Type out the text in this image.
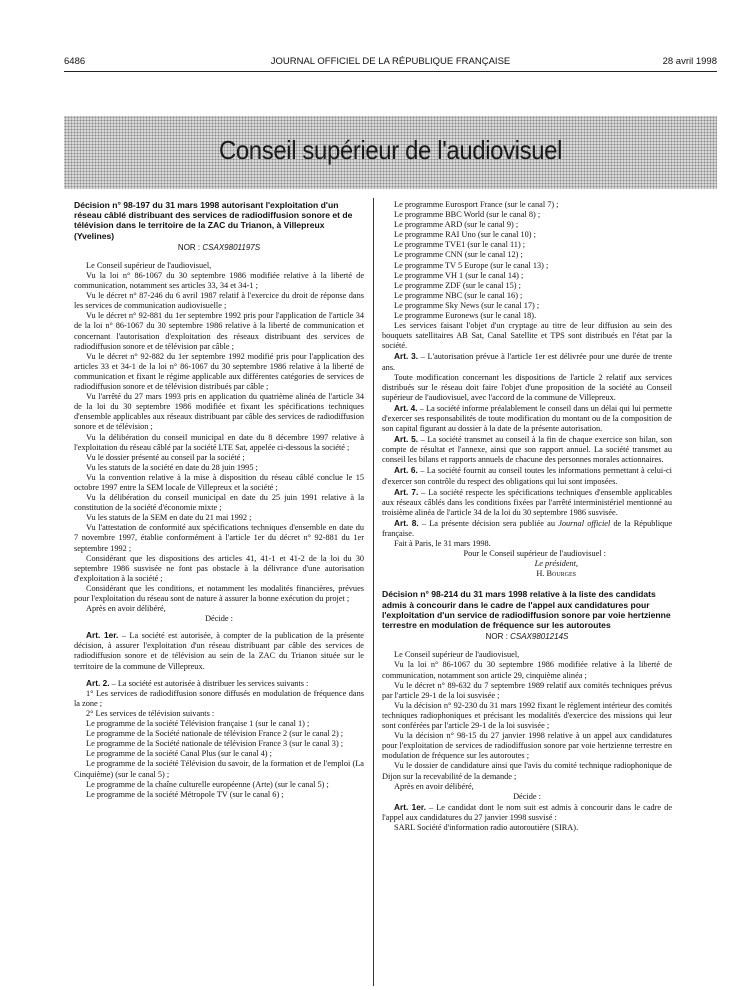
6486	JOURNAL OFFICIEL DE LA RÉPUBLIQUE FRANÇAISE	28 avril 1998
Conseil supérieur de l'audiovisuel
Décision n° 98-197 du 31 mars 1998 autorisant l'exploitation d'un réseau câblé distribuant des services de radiodiffusion sonore et de télévision dans le territoire de la ZAC du Trianon, à Villepreux (Yvelines)
NOR : CSAX9801197S

Le Conseil supérieur de l'audiovisuel,

Vu la loi n° 86-1067 du 30 septembre 1986 modifiée relative à la liberté de communication, notamment ses articles 33, 34 et 34-1 ;

Vu le décret n° 87-246 du 6 avril 1987 relatif à l'exercice du droit de réponse dans les services de communication audiovisuelle ;

Vu le décret n° 92-881 du 1er septembre 1992 pris pour l'application de l'article 34 de la loi n° 86-1067 du 30 septembre 1986 relative à la liberté de communication et concernant l'autorisation d'exploitation des réseaux distribuant des services de radiodiffusion sonore et de télévision par câble ;

Vu le décret n° 92-882 du 1er septembre 1992 modifié pris pour l'application des articles 33 et 34-1 de la loi n° 86-1067 du 30 septembre 1986 relative à la liberté de communication et fixant le régime applicable aux différentes catégories de services de radiodiffusion sonore et de télévision distribués par câble ;

Vu l'arrêté du 27 mars 1993 pris en application du quatrième alinéa de l'article 34 de la loi du 30 septembre 1986 modifiée et fixant les spécifications techniques d'ensemble applicables aux réseaux distribuant par câble des services de radiodiffusion sonore et de télévision ;

Vu la délibération du conseil municipal en date du 8 décembre 1997 relative à l'exploitation du réseau câblé par la société LTE Sat, appelée ci-dessous la société ;

Vu le dossier présenté au conseil par la société ;

Vu les statuts de la société en date du 28 juin 1995 ;

Vu la convention relative à la mise à disposition du réseau câblé conclue le 15 octobre 1997 entre la SEM locale de Villepreux et la société ;

Vu la délibération du conseil municipal en date du 25 juin 1991 relative à la constitution de la société d'économie mixte ;

Vu les statuts de la SEM en date du 21 mai 1992 ;

Vu l'attestation de conformité aux spécifications techniques d'ensemble en date du 7 novembre 1997, établie conformément à l'article 1er du décret n° 92-881 du 1er septembre 1992 ;

Considérant que les dispositions des articles 41, 41-1 et 41-2 de la loi du 30 septembre 1986 susvisée ne font pas obstacle à la délivrance d'une autorisation d'exploitation à la société ;

Considérant que les conditions, et notamment les modalités financières, prévues pour l'exploitation du réseau sont de nature à assurer la bonne exécution du projet ;

Après en avoir délibéré,

Décide :

Art. 1er. – La société est autorisée, à compter de la publication de la présente décision, à assurer l'exploitation d'un réseau distribuant par câble des services de radiodiffusion sonore et de télévision au sein de la ZAC du Trianon située sur le territoire de la commune de Villepreux.

Art. 2. – La société est autorisée à distribuer les services suivants :

1° Les services de radiodiffusion sonore diffusés en modulation de fréquence dans la zone ;

2° Les services de télévision suivants :

Le programme de la société Télévision française 1 (sur le canal 1) ;

Le programme de la Société nationale de télévision France 2 (sur le canal 2) ;

Le programme de la Société nationale de télévision France 3 (sur le canal 3) ;

Le programme de la société Canal Plus (sur le canal 4) ;

Le programme de la société Télévision du savoir, de la formation et de l'emploi (La Cinquième) (sur le canal 5) ;

Le programme de la chaîne culturelle européenne (Arte) (sur le canal 5) ;

Le programme de la société Métropole TV (sur le canal 6) ;

Le programme Eurosport France (sur le canal 7) ;

Le programme BBC World (sur le canal 8) ;

Le programme ARD (sur le canal 9) ;

Le programme RAI Uno (sur le canal 10) ;

Le programme TVE1 (sur le canal 11) ;

Le programme CNN (sur le canal 12) ;

Le programme TV 5 Europe (sur le canal 13) ;

Le programme VH 1 (sur le canal 14) ;

Le programme ZDF (sur le canal 15) ;

Le programme NBC (sur le canal 16) ;

Le programme Sky News (sur le canal 17) ;

Le programme Euronews (sur le canal 18).

Les services faisant l'objet d'un cryptage au titre de leur diffusion au sein des bouquets satellitaires AB Sat, Canal Satellite et TPS sont distribués en l'état par la société.

Art. 3. – L'autorisation prévue à l'article 1er est délivrée pour une durée de trente ans.

Toute modification concernant les dispositions de l'article 2 relatif aux services distribués sur le réseau doit faire l'objet d'une proposition de la société au Conseil supérieur de l'audiovisuel, avec l'accord de la commune de Villepreux.

Art. 4. – La société informe préalablement le conseil dans un délai qui lui permette d'exercer ses responsabilités de toute modification du montant ou de la composition de son capital figurant au dossier à la date de la présente autorisation.

Art. 5. – La société transmet au conseil à la fin de chaque exercice son bilan, son compte de résultat et l'annexe, ainsi que son rapport annuel. La société transmet au conseil les bilans et rapports annuels de chacune des personnes morales actionnaires.

Art. 6. – La société fournit au conseil toutes les informations permettant à celui-ci d'exercer son contrôle du respect des obligations qui lui sont imposées.

Art. 7. – La société respecte les spécifications techniques d'ensemble applicables aux réseaux câblés dans les conditions fixées par l'arrêté interministériel mentionné au troisième alinéa de l'article 34 de la loi du 30 septembre 1986 susvisée.

Art. 8. – La présente décision sera publiée au Journal officiel de la République française.

Fait à Paris, le 31 mars 1998.

Pour le Conseil supérieur de l'audiovisuel :

Le président,

H. Bourges

Décision n° 98-214 du 31 mars 1998 relative à la liste des candidats admis à concourir dans le cadre de l'appel aux candidatures pour l'exploitation d'un service de radiodiffusion sonore par voie hertzienne terrestre en modulation de fréquence sur les autoroutes
NOR : CSAX9801214S

Le Conseil supérieur de l'audiovisuel,

Vu la loi n° 86-1067 du 30 septembre 1986 modifiée relative à la liberté de communication, notamment son article 29, cinquième alinéa ;

Vu le décret n° 89-632 du 7 septembre 1989 relatif aux comités techniques prévus par l'article 29-1 de la loi susvisée ;

Vu la décision n° 92-230 du 31 mars 1992 fixant le règlement intérieur des comités techniques radiophoniques et précisant les modalités d'exercice des missions qui leur sont conférées par l'article 29-1 de la loi susvisée ;

Vu la décision n° 98-15 du 27 janvier 1998 relative à un appel aux candidatures pour l'exploitation de services de radiodiffusion sonore par voie hertzienne terrestre en modulation de fréquence sur les autoroutes ;

Vu le dossier de candidature ainsi que l'avis du comité technique radiophonique de Dijon sur la recevabilité de la demande ;

Après en avoir délibéré,

Décide :

Art. 1er. – Le candidat dont le nom suit est admis à concourir dans le cadre de l'appel aux candidatures du 27 janvier 1998 susvisé :

SARL Société d'information radio autoroutière (SIRA).
